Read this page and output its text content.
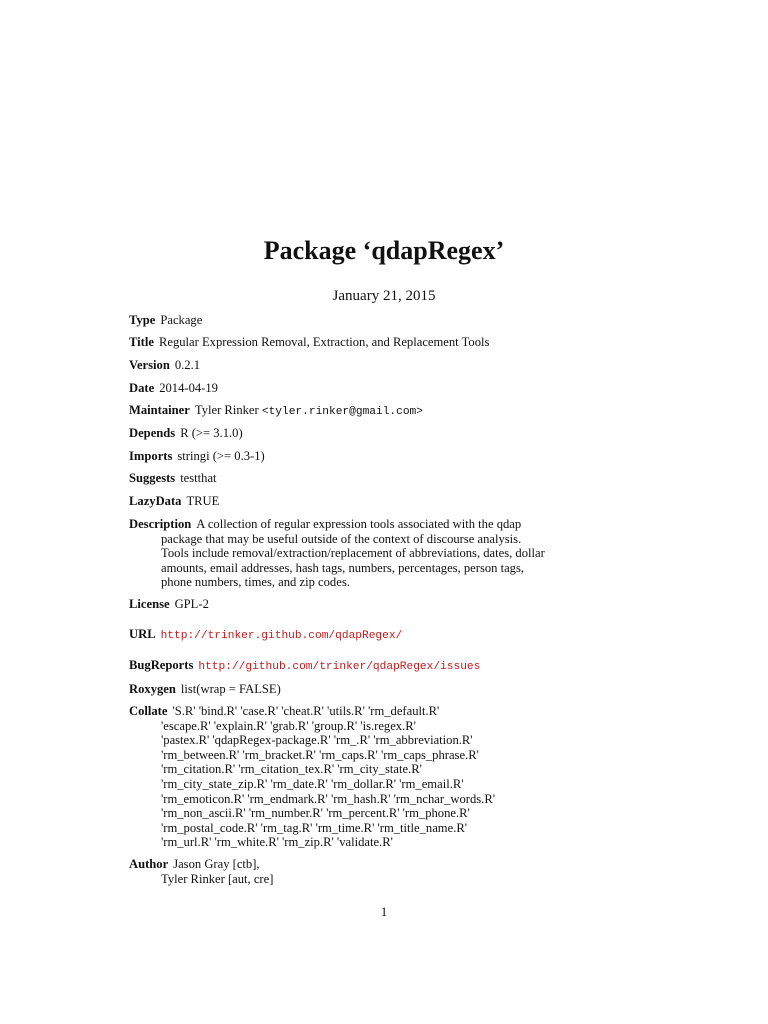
Package ‘qdapRegex’
January 21, 2015
Type Package
Title Regular Expression Removal, Extraction, and Replacement Tools
Version 0.2.1
Date 2014-04-19
Maintainer Tyler Rinker <tyler.rinker@gmail.com>
Depends R (>= 3.1.0)
Imports stringi (>= 0.3-1)
Suggests testthat
LazyData TRUE
Description A collection of regular expression tools associated with the qdap
package that may be useful outside of the context of discourse analysis.
Tools include removal/extraction/replacement of abbreviations, dates, dollar
amounts, email addresses, hash tags, numbers, percentages, person tags,
phone numbers, times, and zip codes.
License GPL-2
URL http://trinker.github.com/qdapRegex/
BugReports http://github.com/trinker/qdapRegex/issues
Roxygen list(wrap = FALSE)
Collate 'S.R' 'bind.R' 'case.R' 'cheat.R' 'utils.R' 'rm_default.R'
'escape.R' 'explain.R' 'grab.R' 'group.R' 'is.regex.R'
'pastex.R' 'qdapRegex-package.R' 'rm_.R' 'rm_abbreviation.R'
'rm_between.R' 'rm_bracket.R' 'rm_caps.R' 'rm_caps_phrase.R'
'rm_citation.R' 'rm_citation_tex.R' 'rm_city_state.R'
'rm_city_state_zip.R' 'rm_date.R' 'rm_dollar.R' 'rm_email.R'
'rm_emoticon.R' 'rm_endmark.R' 'rm_hash.R' 'rm_nchar_words.R'
'rm_non_ascii.R' 'rm_number.R' 'rm_percent.R' 'rm_phone.R'
'rm_postal_code.R' 'rm_tag.R' 'rm_time.R' 'rm_title_name.R'
'rm_url.R' 'rm_white.R' 'rm_zip.R' 'validate.R'
Author Jason Gray [ctb],
Tyler Rinker [aut, cre]
1
